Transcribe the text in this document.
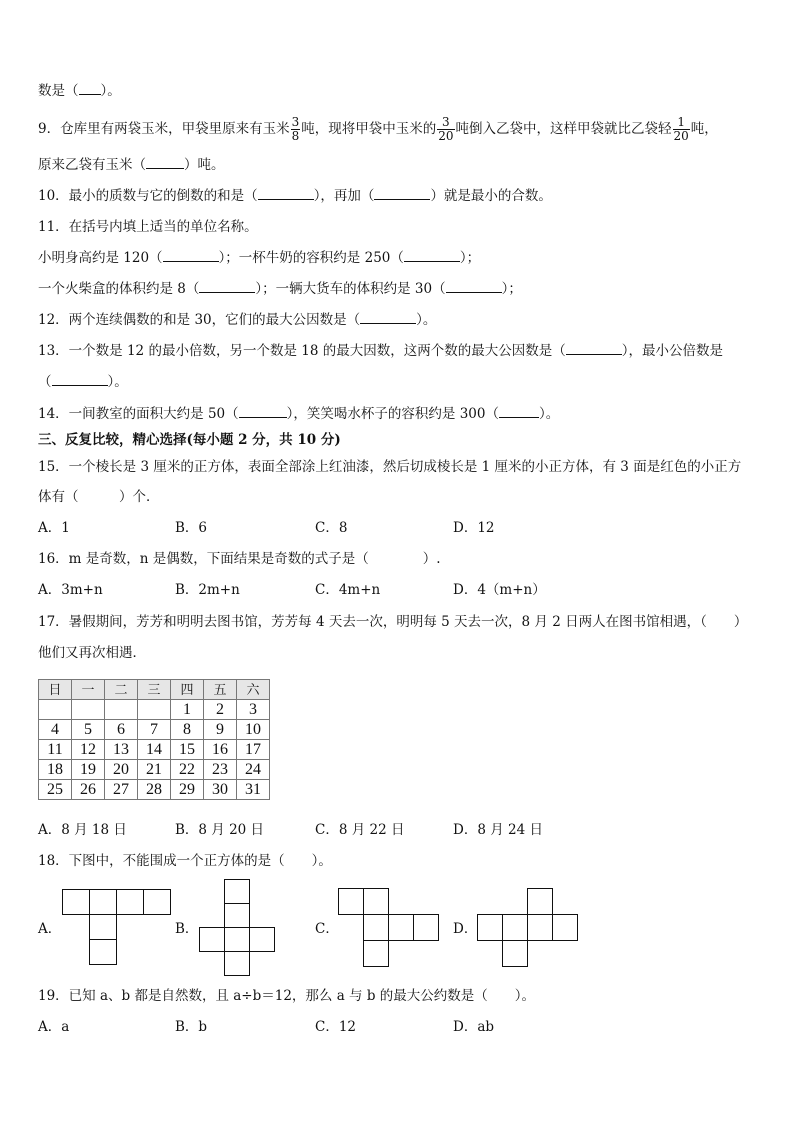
数是（ ）。
9．仓库里有两袋玉米，甲袋里原来有玉米 $\frac{3}{8}$ 吨，现将甲袋中玉米的 $\frac{3}{20}$ 吨倒入乙袋中，这样甲袋就比乙袋轻 $\frac{1}{20}$ 吨，
原来乙袋有玉米（	）吨。
10．最小的质数与它的倒数的和是（	），再加（	）就是最小的合数。
11．在括号内填上适当的单位名称。
小明身高约是 120（	）；一杯牛奶的容积约是 250（	）；
一个火柴盒的体积约是 8（	）；一辆大货车的体积约是 30（	）；
12．两个连续偶数的和是 30，它们的最大公因数是（	）。
13．一个数是 12 的最小倍数，另一个数是 18 的最大因数，这两个数的最大公因数是（	），最小公倍数是
（	）。
14．一间教室的面积大约是 50（	），笑笑喝水杯子的容积约是 300（	）。
三、反复比较，精心选择(每小题 2 分，共 10 分)
15．一个棱长是 3 厘米的正方体，表面全部涂上红油漆，然后切成棱长是 1 厘米的小正方体，有 3 面是红色的小正方
体有（　　　）个．
A．1	B．6	C．8	D．12
16．m 是奇数，n 是偶数，下面结果是奇数的式子是（　　　　）.
A．3m+n	B．2m+n	C．4m+n	D．4（m+n）
17．暑假期间，芳芳和明明去图书馆，芳芳每 4 天去一次，明明每 5 天去一次，8 月 2 日两人在图书馆相遇，（　　）
他们又再次相遇．
日	一	二	三	四	五	六
				1	2	3
4	5	6	7	8	9	10
11	12	13	14	15	16	17
18	19	20	21	22	23	24
25	26	27	28	29	30	31
A．8 月 18 日	B．8 月 20 日	C．8 月 22 日	D．8 月 24 日
18．下图中，不能围成一个正方体的是（　　）。
A．	B．	C．	D．
19．已知 a、b 都是自然数，且 a÷b＝12，那么 a 与 b 的最大公约数是（　　）。
A．a	B．b	C．12	D．ab
